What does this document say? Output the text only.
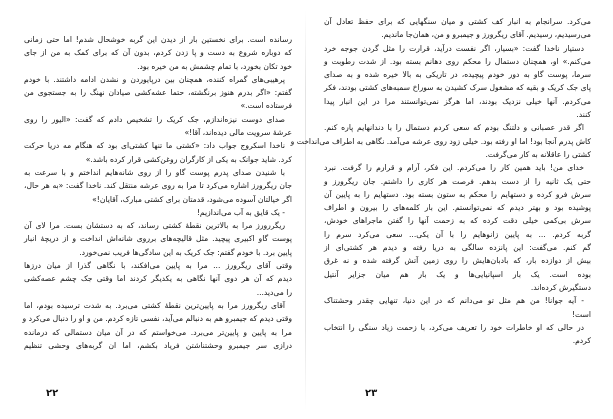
رسانده است. برای نخستین بار از دیدن این گربه خوشحال شدم! اما حتی زمانی
که دوباره شروع به دست و پا زدن کردم، بدون آن که برای کمک به من از جای
خود تکان بخورد، با تمام چشمش به من خیره بود.
پرهیبی‌های گمراه کننده، همچنان بین درپایوردن و نشدن ادامه داشتند. با خودم
گفتم: «اگر بدرم هنوز برنگشته، حتما عشه‌کشی صیادان نهنگ را به جستجوی من
فرستاده است.»
صدای دوست نیزه‌اندازم، جک کریک را تشخیص دادم که گفت: «الیور را روی
عرشهٔ سرویت مالی دیده‌اند، آقا!»
ناخدا اسکروج جواب داد: «کشتی ما تنها کشتی‌ای بود که هنگام مه دریا حرکت
کرد. شاید جوانک به یکی از کارگران روغن‌کشی قرار کرده باشد.»
با شنیدن صدای پدرم پوست گاو را از روی شانه‌هایم انداختم و با سرعت به
جان ریگرورز اشاره می‌کرد تا مرا به روی عرشه منتقل کند. ناخدا گفت: «به هر حال،
اگر خیالتان آسوده می‌شود، قدمتان برای کشتی مبارک، آقایان!»
- یک قایق به آب می‌اندازیم!
ریگررورز مرا به بالاترین نقطهٔ کشتی رساند، که به دستشان بست. مرا لای آن
پوست گاو اکبیری پیچید. مثل قالیچه‌های برروی شانه‌اش انداخت و از دریچهٔ انبار
پایین برد. با خودم گفتم: جک کریک به این سادگی‌ها فریب نمی‌خورد.
وقتی آقای ریگرورز ... مرا به پایین می‌افکند، با نگاهی گذرا از میان درز‌ها
دیدم که آن هر دوی آنها نگاهی به یکدیگر کردند اما وقتی جک چشم عصه‌کشی
را می‌دید...
آقای ریگرورز مرا به پایین‌ترین نقطهٔ کشتی می‌برد. به شدت ترسیده بودم، اما
وقتی دیدم که جیمبرو هم به دنبالم می‌آید، نفسی تازه کردم. من و او را دنبال می‌کرد و
مرا به پایین و پایین‌تر می‌برد. می‌خواستم که در آن میان دستمالی که درمانده
درازی سر جیمبرو وحشتناشتن فریاد بکشم، اما ان گربه‌های وحشی تنظیم
۲۲
می‌کرد. سرانجام به انبار کف کشتی و میان سنگهایی که برای حفظ تعادل آن
می‌رسیدیم، رسیدیم. آقای ریگرورز و جیمبرو و من، همان‌جا ماندیم.
دستیار ناخدا گفت: «بسیار، اگر نفست درآید، قرارت را مثل گردن جوجه خرد
می‌کنم.» او، همچنان دستمال را محکم روی دهانم بسته بود. از شدت رطوبت و
سرما، پوست گاو به دور خودم پیچیده، در تاریکی به بالا خیره شده و به صدای
پای جک کریک و بقیه که مشغول سرک کشیدن به سوراخ سمبه‌های کشتی بودند، فکر
می‌کردم. آنها خیلی نزدیک بودند، اما هرگز نمی‌توانستند مرا در این انبار پیدا
کنند.
اگر قدر عصبانی و دلتنگ بودم که سعی کردم دستمال را با دندانهایم پاره کنم.
کاش پدرم آنجا بود! اما او رفته بود. خیلی زود روی عرشه می‌آمد. نگاهی به اطراف می‌انداخت و
کشتی را عاقلانه به کار می‌گرفت.
خدای من! باید همین کار را می‌کردم. این فکر، آرام و قرارم را گرفت. نبرد
حتی یک ثانیه را از دست بدهم. فرصت هر کاری را داشتم. جان ریگرورز و
سرش فرو کرده و دستهایم را محکم به ستون بسته بود. دستهایم را به پایین آن
پوشیده بود و بهتر دیدم که نمی‌توانستم. این بار کلمه‌های را بیرون و اطراف
سرش بی‌کمی خیلی دقت کرده که به زحمت آنها را گفتن ماجرا‌های خودش،
گربه کردم. ... به پایین زانوهایم را با آن یکی... سعی می‌کرد سرم را
گم کنم. می‌گفت: این پانزده سالگی به دریا رفته و دیدم هر کشتی‌ای از
بیش از دوازده بار، که بادبان‌هایش را روی زمین آتش گرفته شده و نه غرق
بوده است. یک بار اسپانیایی‌ها و یک بار هم میان جزایر آنتیل
دستگیرش کرده‌اند.
- آیه جوانا! من هم مثل تو می‌دانم که در این دنیا، تنهایی چقدر وحشتناک
است!
در حالی که او خاطرات خود را تعریف می‌کرد، با زحمت زیاد سنگی را انتخاب
کردم.
۲۳
